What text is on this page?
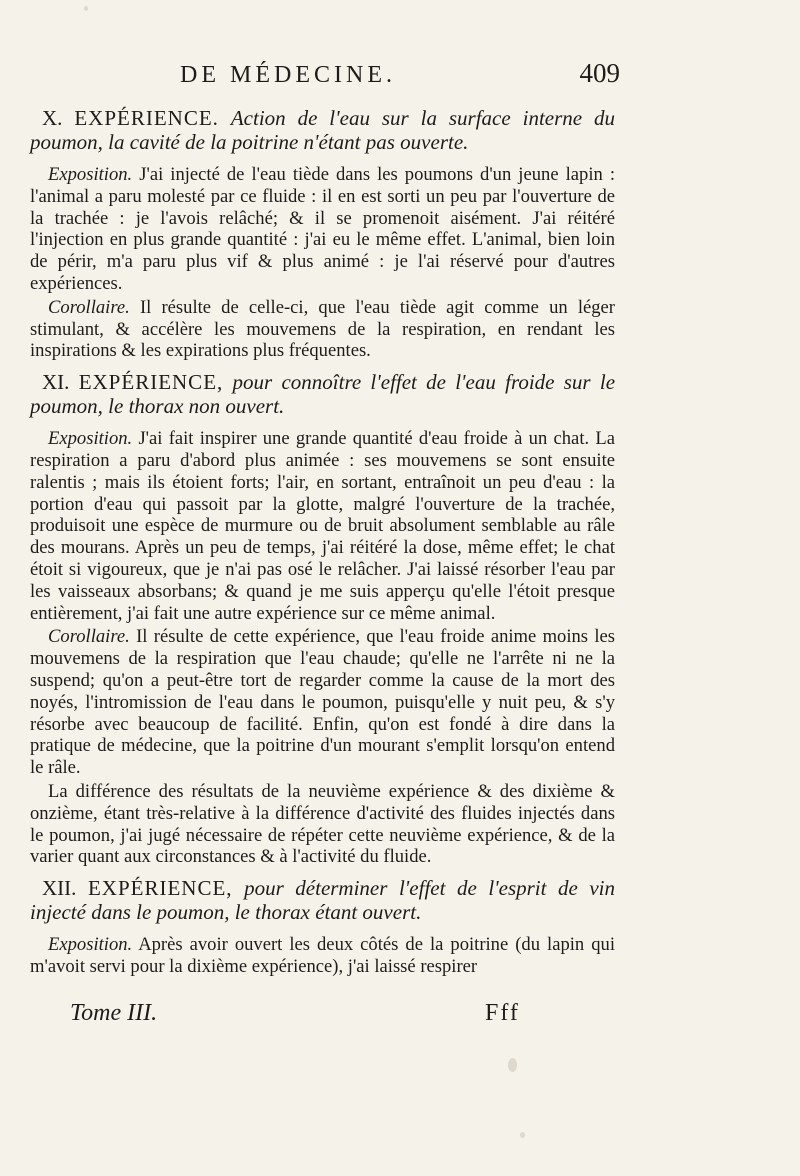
DE MÉDECINE.	409

X. EXPÉRIENCE. Action de l'eau sur la surface interne du poumon, la cavité de la poitrine n'étant pas ouverte.

Exposition. J'ai injecté de l'eau tiède dans les poumons d'un jeune lapin : l'animal a paru molesté par ce fluide : il en est sorti un peu par l'ouverture de la trachée : je l'avois relâché; & il se promenoit aisément. J'ai réitéré l'injection en plus grande quantité : j'ai eu le même effet. L'animal, bien loin de périr, m'a paru plus vif & plus animé : je l'ai réservé pour d'autres expériences.

Corollaire. Il résulte de celle-ci, que l'eau tiède agit comme un léger stimulant, & accélère les mouvemens de la respiration, en rendant les inspirations & les expirations plus fréquentes.

XI. EXPÉRIENCE, pour connoître l'effet de l'eau froide sur le poumon, le thorax non ouvert.

Exposition. J'ai fait inspirer une grande quantité d'eau froide à un chat. La respiration a paru d'abord plus animée : ses mouvemens se sont ensuite ralentis ; mais ils étoient forts; l'air, en sortant, entraînoit un peu d'eau : la portion d'eau qui passoit par la glotte, malgré l'ouverture de la trachée, produisoit une espèce de murmure ou de bruit absolument semblable au râle des mourans. Après un peu de temps, j'ai réitéré la dose, même effet; le chat étoit si vigoureux, que je n'ai pas osé le relâcher. J'ai laissé résorber l'eau par les vaisseaux absorbans; & quand je me suis apperçu qu'elle l'étoit presque entièrement, j'ai fait une autre expérience sur ce même animal.

Corollaire. Il résulte de cette expérience, que l'eau froide anime moins les mouvemens de la respiration que l'eau chaude; qu'elle ne l'arrête ni ne la suspend; qu'on a peut-être tort de regarder comme la cause de la mort des noyés, l'intromission de l'eau dans le poumon, puisqu'elle y nuit peu, & s'y résorbe avec beaucoup de facilité. Enfin, qu'on est fondé à dire dans la pratique de médecine, que la poitrine d'un mourant s'emplit lorsqu'on entend le râle.

La différence des résultats de la neuvième expérience & des dixième & onzième, étant très-relative à la différence d'activité des fluides injectés dans le poumon, j'ai jugé nécessaire de répéter cette neuvième expérience, & de la varier quant aux circonstances & à l'activité du fluide.

XII. EXPÉRIENCE, pour déterminer l'effet de l'esprit de vin injecté dans le poumon, le thorax étant ouvert.

Exposition. Après avoir ouvert les deux côtés de la poitrine (du lapin qui m'avoit servi pour la dixième expérience), j'ai laissé respirer

Tome III.	Fff
